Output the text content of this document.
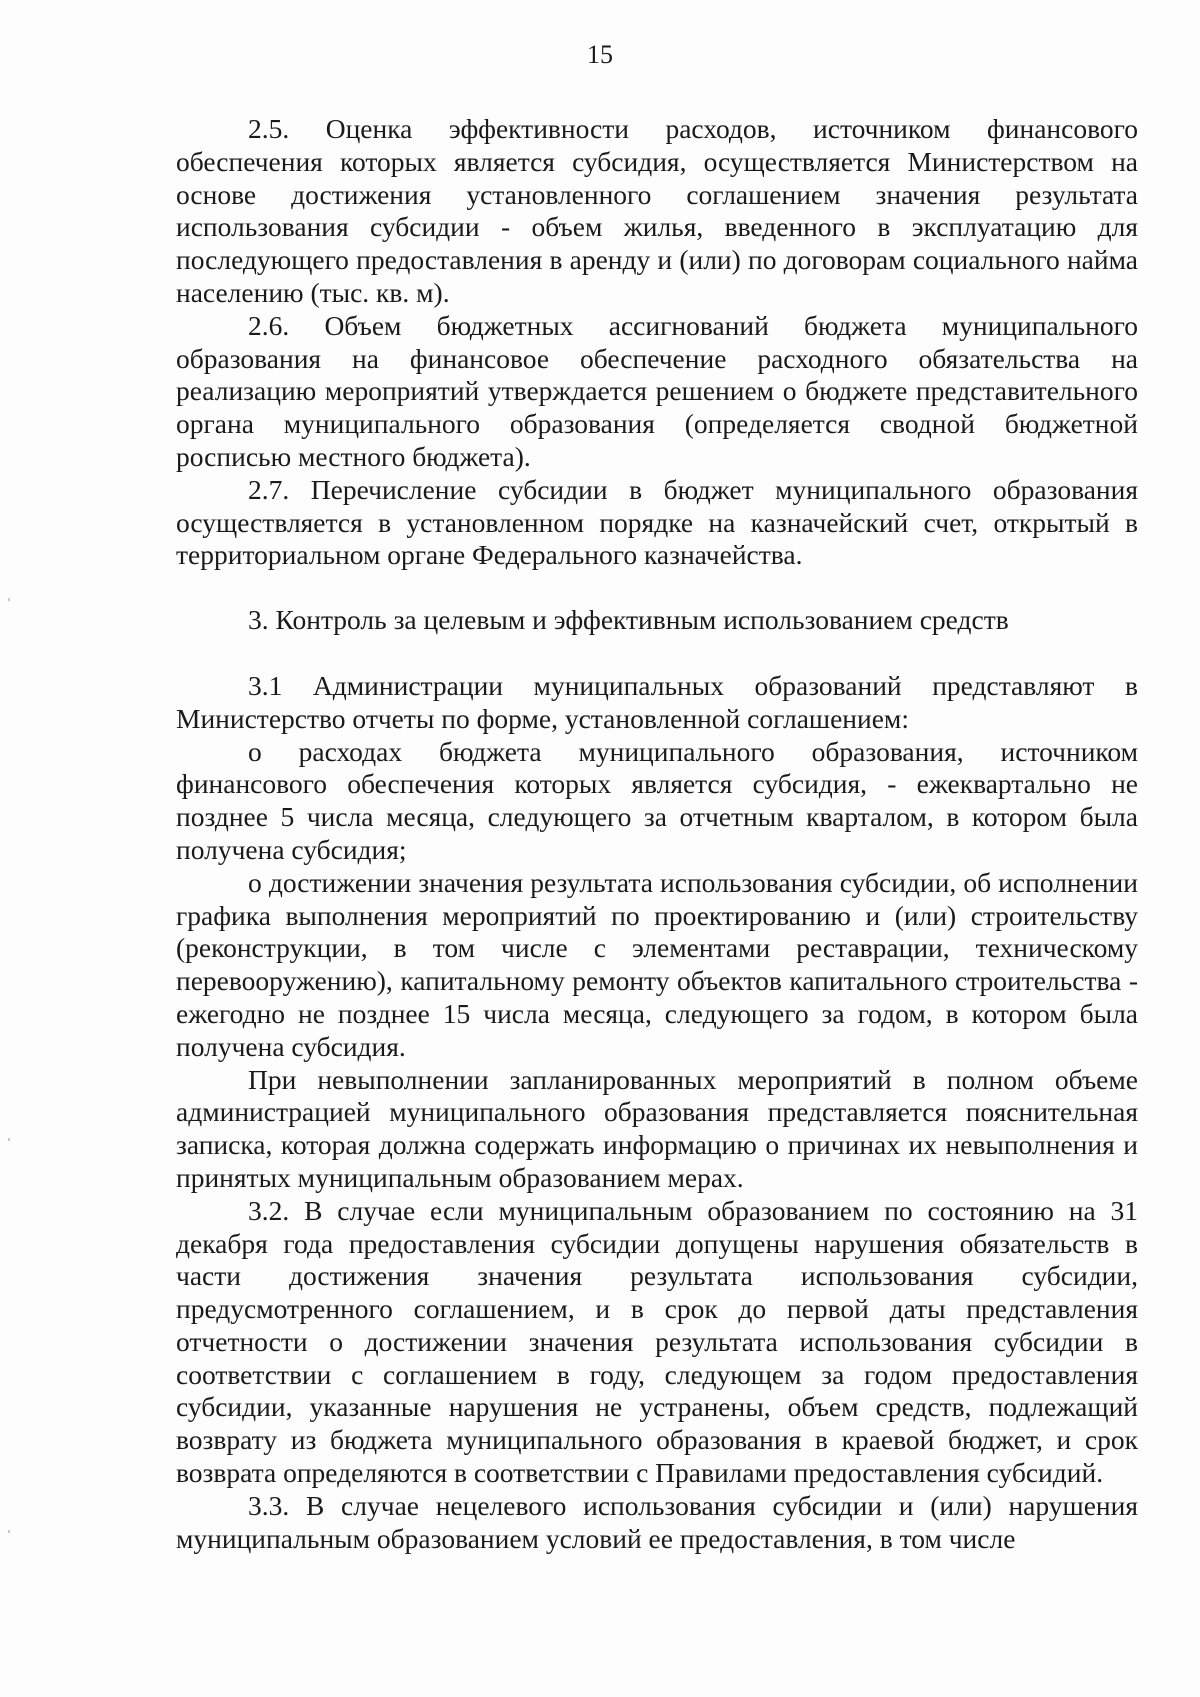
15

2.5. Оценка эффективности расходов, источником финансового обеспечения которых является субсидия, осуществляется Министерством на основе достижения установленного соглашением значения результата использования субсидии - объем жилья, введенного в эксплуатацию для последующего предоставления в аренду и (или) по договорам социального найма населению (тыс. кв. м).

2.6. Объем бюджетных ассигнований бюджета муниципального образования на финансовое обеспечение расходного обязательства на реализацию мероприятий утверждается решением о бюджете представительного органа муниципального образования (определяется сводной бюджетной росписью местного бюджета).

2.7. Перечисление субсидии в бюджет муниципального образования осуществляется в установленном порядке на казначейский счет, открытый в территориальном органе Федерального казначейства.

3. Контроль за целевым и эффективным использованием средств

3.1 Администрации муниципальных образований представляют в Министерство отчеты по форме, установленной соглашением:

о расходах бюджета муниципального образования, источником финансового обеспечения которых является субсидия, - ежеквартально не позднее 5 числа месяца, следующего за отчетным кварталом, в котором была получена субсидия;

о достижении значения результата использования субсидии, об исполнении графика выполнения мероприятий по проектированию и (или) строительству (реконструкции, в том числе с элементами реставрации, техническому перевооружению), капитальному ремонту объектов капитального строительства - ежегодно не позднее 15 числа месяца, следующего за годом, в котором была получена субсидия.

При невыполнении запланированных мероприятий в полном объеме администрацией муниципального образования представляется пояснительная записка, которая должна содержать информацию о причинах их невыполнения и принятых муниципальным образованием мерах.

3.2. В случае если муниципальным образованием по состоянию на 31 декабря года предоставления субсидии допущены нарушения обязательств в части достижения значения результата использования субсидии, предусмотренного соглашением, и в срок до первой даты представления отчетности о достижении значения результата использования субсидии в соответствии с соглашением в году, следующем за годом предоставления субсидии, указанные нарушения не устранены, объем средств, подлежащий возврату из бюджета муниципального образования в краевой бюджет, и срок возврата определяются в соответствии с Правилами предоставления субсидий.

3.3. В случае нецелевого использования субсидии и (или) нарушения муниципальным образованием условий ее предоставления, в том числе
